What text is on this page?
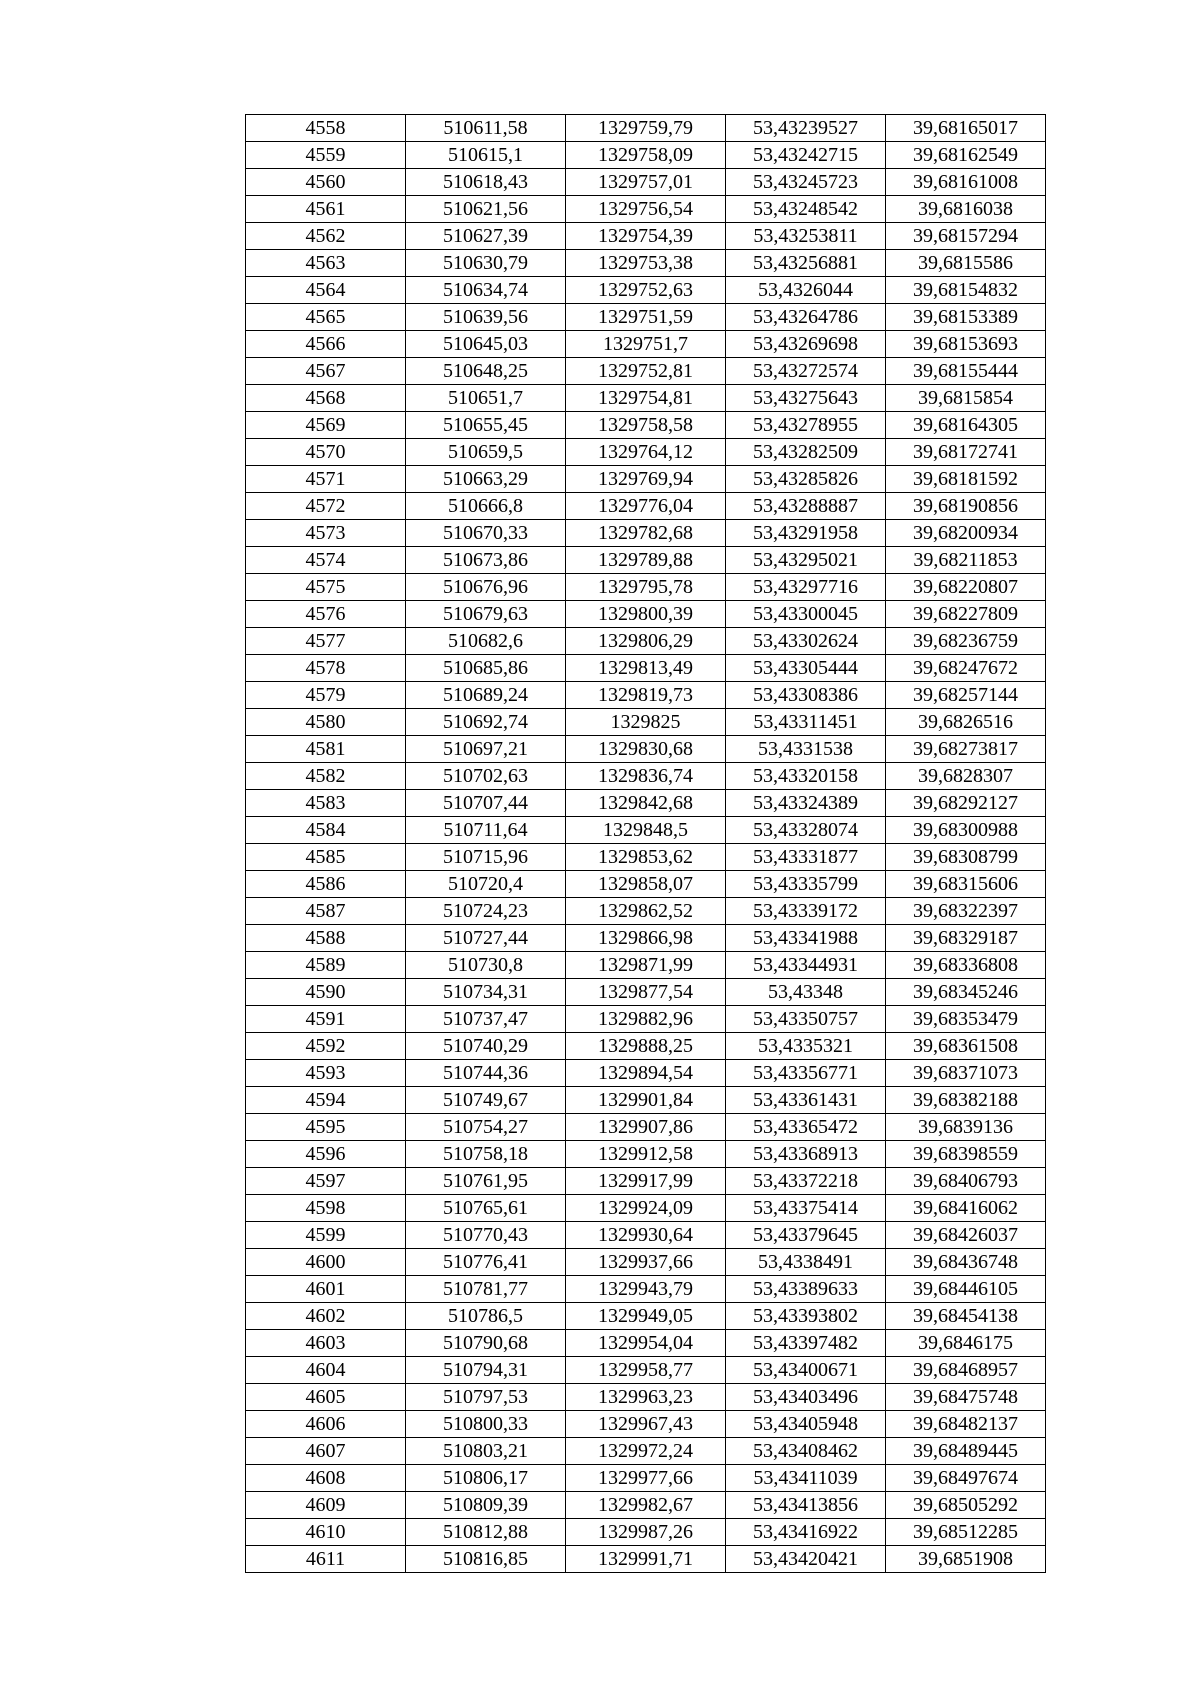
4558	510611,58	1329759,79	53,43239527	39,68165017
4559	510615,1	1329758,09	53,43242715	39,68162549
4560	510618,43	1329757,01	53,43245723	39,68161008
4561	510621,56	1329756,54	53,43248542	39,6816038
4562	510627,39	1329754,39	53,43253811	39,68157294
4563	510630,79	1329753,38	53,43256881	39,6815586
4564	510634,74	1329752,63	53,4326044	39,68154832
4565	510639,56	1329751,59	53,43264786	39,68153389
4566	510645,03	1329751,7	53,43269698	39,68153693
4567	510648,25	1329752,81	53,43272574	39,68155444
4568	510651,7	1329754,81	53,43275643	39,6815854
4569	510655,45	1329758,58	53,43278955	39,68164305
4570	510659,5	1329764,12	53,43282509	39,68172741
4571	510663,29	1329769,94	53,43285826	39,68181592
4572	510666,8	1329776,04	53,43288887	39,68190856
4573	510670,33	1329782,68	53,43291958	39,68200934
4574	510673,86	1329789,88	53,43295021	39,68211853
4575	510676,96	1329795,78	53,43297716	39,68220807
4576	510679,63	1329800,39	53,43300045	39,68227809
4577	510682,6	1329806,29	53,43302624	39,68236759
4578	510685,86	1329813,49	53,43305444	39,68247672
4579	510689,24	1329819,73	53,43308386	39,68257144
4580	510692,74	1329825	53,43311451	39,6826516
4581	510697,21	1329830,68	53,4331538	39,68273817
4582	510702,63	1329836,74	53,43320158	39,6828307
4583	510707,44	1329842,68	53,43324389	39,68292127
4584	510711,64	1329848,5	53,43328074	39,68300988
4585	510715,96	1329853,62	53,43331877	39,68308799
4586	510720,4	1329858,07	53,43335799	39,68315606
4587	510724,23	1329862,52	53,43339172	39,68322397
4588	510727,44	1329866,98	53,43341988	39,68329187
4589	510730,8	1329871,99	53,43344931	39,68336808
4590	510734,31	1329877,54	53,43348	39,68345246
4591	510737,47	1329882,96	53,43350757	39,68353479
4592	510740,29	1329888,25	53,4335321	39,68361508
4593	510744,36	1329894,54	53,43356771	39,68371073
4594	510749,67	1329901,84	53,43361431	39,68382188
4595	510754,27	1329907,86	53,43365472	39,6839136
4596	510758,18	1329912,58	53,43368913	39,68398559
4597	510761,95	1329917,99	53,43372218	39,68406793
4598	510765,61	1329924,09	53,43375414	39,68416062
4599	510770,43	1329930,64	53,43379645	39,68426037
4600	510776,41	1329937,66	53,4338491	39,68436748
4601	510781,77	1329943,79	53,43389633	39,68446105
4602	510786,5	1329949,05	53,43393802	39,68454138
4603	510790,68	1329954,04	53,43397482	39,6846175
4604	510794,31	1329958,77	53,43400671	39,68468957
4605	510797,53	1329963,23	53,43403496	39,68475748
4606	510800,33	1329967,43	53,43405948	39,68482137
4607	510803,21	1329972,24	53,43408462	39,68489445
4608	510806,17	1329977,66	53,43411039	39,68497674
4609	510809,39	1329982,67	53,43413856	39,68505292
4610	510812,88	1329987,26	53,43416922	39,68512285
4611	510816,85	1329991,71	53,43420421	39,6851908
